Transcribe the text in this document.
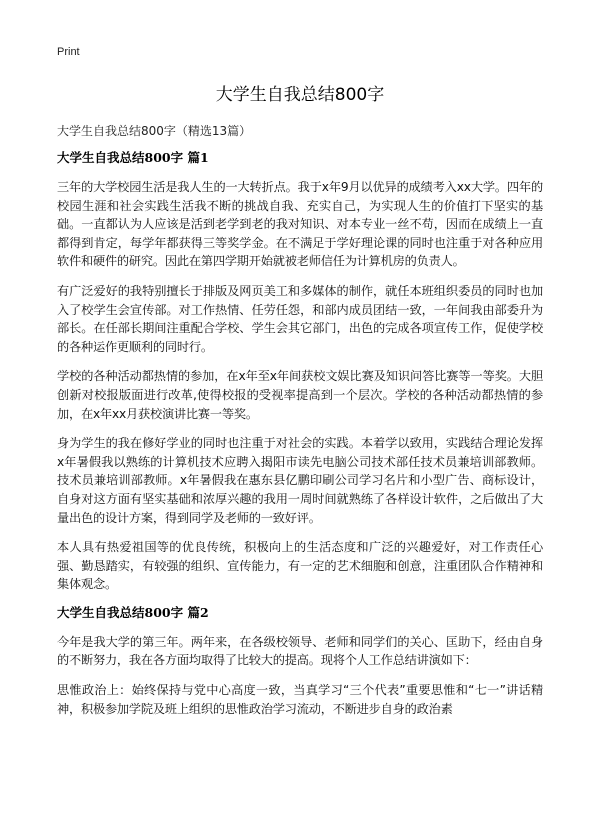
Print
大学生自我总结800字
大学生自我总结800字（精选13篇）
大学生自我总结800字 篇1

三年的大学校园生活是我人生的一大转折点。我于x年9月以优异的成绩考入xx大学。四年的校园生涯和社会实践生活我不断的挑战自我、充实自己，为实现人生的价值打下坚实的基 础。一直都认为人应该是活到老学到老的我对知识、对本专业一丝不苟，因而在成绩上一直都得到肯定，每学年都获得三等奖学金。在不满足于学好理论课的同时也注重于对各种应用软件和硬件的研究。因此在第四学期开始就被老师信任为计算机房的负责人。

有广泛爱好的我特别擅长于排版及网页美工和多媒体的制作，就任本班组织委员的同时也加入了校学生会宣传部。对工作热情、任劳任怨，和部内成员团结一致，一年间我由部委升为部长。在任部长期间注重配合学校、学生会其它部门，出色的完成各项宣传工作，促使学校的各种运作更顺利的同时行。

学校的各种活动都热情的参加，在x年至x年间获校文娱比赛及知识问答比赛等一等奖。大胆创新对校报版面进行改革,使得校报的受视率提高到一个层次。学校的各种活动都热情的参加，在x年xx月获校演讲比赛一等奖。

身为学生的我在修好学业的同时也注重于对社会的实践。本着学以致用，实践结合理论发挥x年暑假我以熟练的计算机技术应聘入揭阳市读先电脑公司技术部任技术员兼培训部教师。 技术员兼培训部教师。x年暑假我在惠东县亿鹏印刷公司学习名片和小型广告、商标设计，自身对这方面有坚实基础和浓厚兴趣的我用一周时间就熟练了各样设计软件，之后做出了大量出色的设计方案，得到同学及老师的一致好评。

本人具有热爱祖国等的优良传统，积极向上的生活态度和广泛的兴趣爱好，对工作责任心强、勤恳踏实，有较强的组织、宣传能力，有一定的艺术细胞和创意，注重团队合作精神和集体观念。

大学生自我总结800字 篇2

今年是我大学的第三年。两年来，在各级校领导、老师和同学们的关心、匡助下，经由自身的不断努力，我在各方面均取得了比较大的提高。现将个人工作总结讲演如下：

思惟政治上：始终保持与党中心高度一致，当真学习“三个代表”重要思惟和“七一”讲话精神，积极参加学院及班上组织的思惟政治学习流动，不断进步自身的政治素
